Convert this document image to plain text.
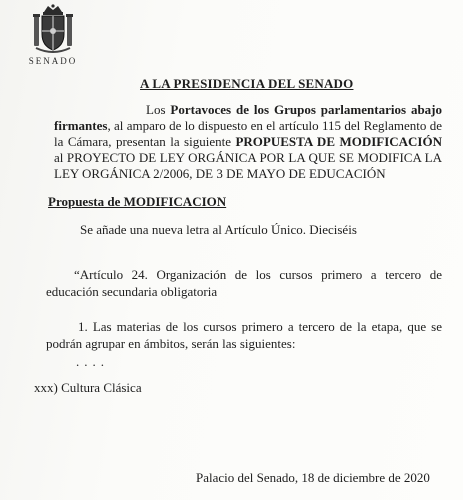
SENADO
A LA PRESIDENCIA DEL SENADO
Los Portavoces de los Grupos parlamentarios abajo firmantes, al amparo de lo dispuesto en el artículo 115 del Reglamento de la Cámara, presentan la siguiente PROPUESTA DE MODIFICACIÓN al PROYECTO DE LEY ORGÁNICA POR LA QUE SE MODIFICA LA LEY ORGÁNICA 2/2006, DE 3 DE MAYO DE EDUCACIÓN
Propuesta de MODIFICACION
Se añade una nueva letra al Artículo Único. Dieciséis
“Artículo 24. Organización de los cursos primero a tercero de educación secundaria obligatoria
1. Las materias de los cursos primero a tercero de la etapa, que se podrán agrupar en ámbitos, serán las siguientes:
....
xxx) Cultura Clásica
Palacio del Senado, 18 de diciembre de 2020
